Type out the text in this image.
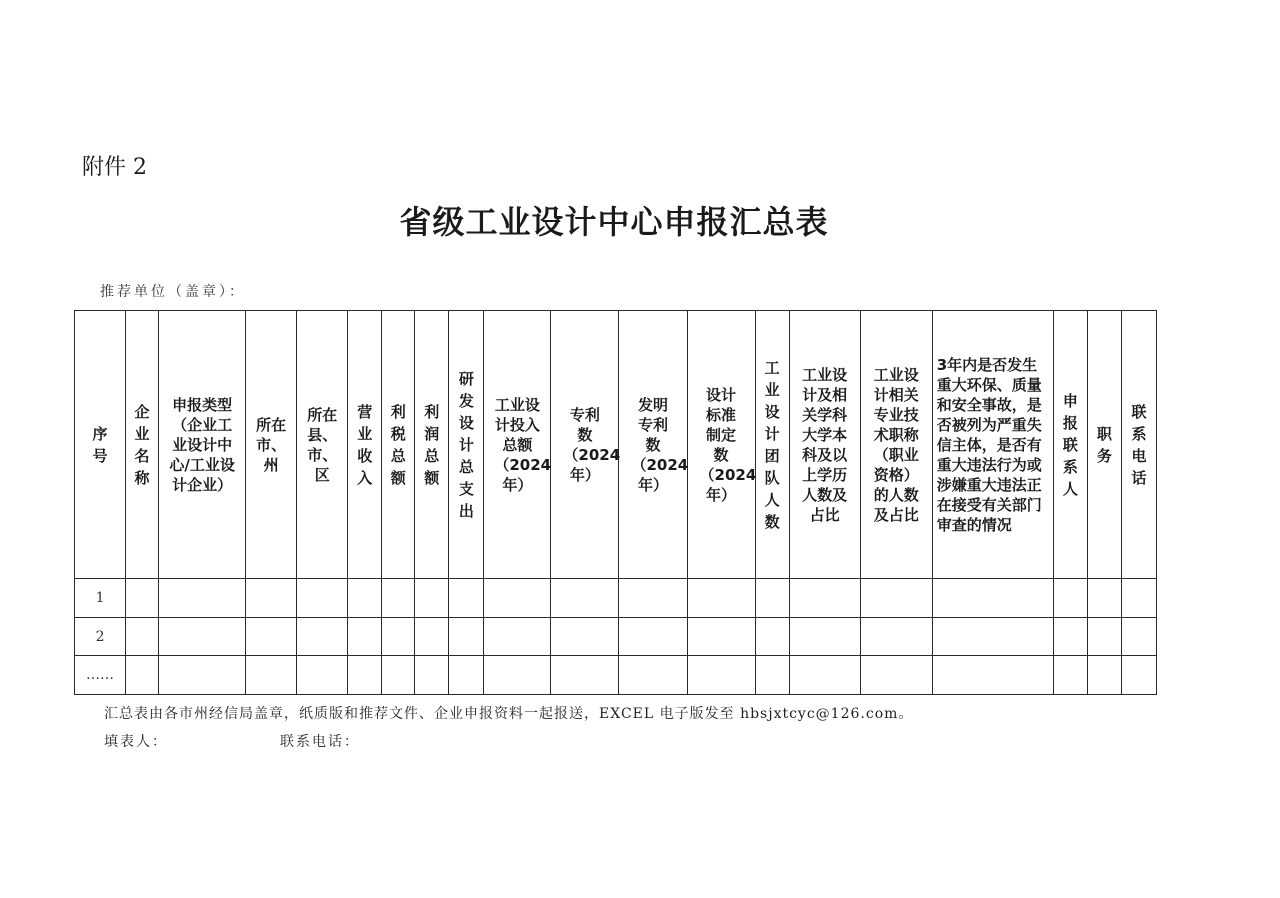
附件 2
省级工业设计中心申报汇总表
推荐单位（盖章）：
序号	企业名称	申报类型（企业工业设计中心/工业设计企业）	所在市、州	所在县、市、区	营业收入	利税总额	利润总额	研发设计总支出	工业设计投入总额（2024年）	专利数（2024年）	发明专利数（2024年）	设计标准制定数（2024年）	工业设计团队人数	工业设计及相关学科大学本科及以上学历人数及占比	工业设计相关专业技术职称（职业资格）的人数及占比	3年内是否发生重大环保、质量和安全事故，是否被列为严重失信主体，是否有重大违法行为或涉嫌重大违法正在接受有关部门审查的情况	申报联系人	职务	联系电话
1																			
2																			
……																			
汇总表由各市州经信局盖章，纸质版和推荐文件、企业申报资料一起报送，EXCEL 电子版发至 hbsjxtcyc@126.com。
填表人：	联系电话：
